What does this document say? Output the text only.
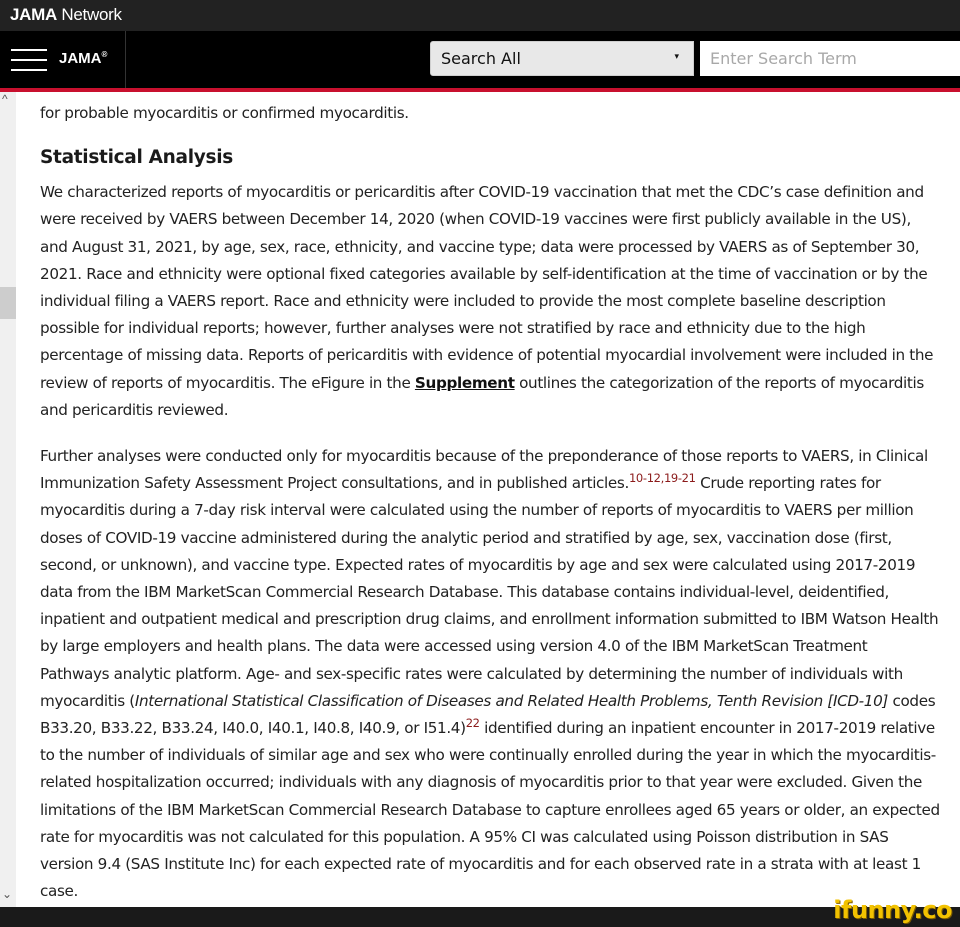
JAMA Network
JAMA®	Search All	▾
Enter Search Term
^
⌄

for probable myocarditis or confirmed myocarditis.

Statistical Analysis

We characterized reports of myocarditis or pericarditis after COVID-19 vaccination that met the CDC’s case definition and were received by VAERS between December 14, 2020 (when COVID-19 vaccines were first publicly available in the US), and August 31, 2021, by age, sex, race, ethnicity, and vaccine type; data were processed by VAERS as of September 30, 2021. Race and ethnicity were optional fixed categories available by self-identification at the time of vaccination or by the individual filing a VAERS report. Race and ethnicity were included to provide the most complete baseline description possible for individual reports; however, further analyses were not stratified by race and ethnicity due to the high percentage of missing data. Reports of pericarditis with evidence of potential myocardial involvement were included in the review of reports of myocarditis. The eFigure in the Supplement outlines the categorization of the reports of myocarditis and pericarditis reviewed.

Further analyses were conducted only for myocarditis because of the preponderance of those reports to VAERS, in Clinical Immunization Safety Assessment Project consultations, and in published articles.$^{10-12,19-21}$ Crude reporting rates for myocarditis during a 7-day risk interval were calculated using the number of reports of myocarditis to VAERS per million doses of COVID-19 vaccine administered during the analytic period and stratified by age, sex, vaccination dose (first, second, or unknown), and vaccine type. Expected rates of myocarditis by age and sex were calculated using 2017-2019 data from the IBM MarketScan Commercial Research Database. This database contains individual-level, deidentified, inpatient and outpatient medical and prescription drug claims, and enrollment information submitted to IBM Watson Health by large employers and health plans. The data were accessed using version 4.0 of the IBM MarketScan Treatment Pathways analytic platform. Age- and sex-specific rates were calculated by determining the number of individuals with myocarditis (International Statistical Classification of Diseases and Related Health Problems, Tenth Revision [ICD-10] codes B33.20, B33.22, B33.24, I40.0, I40.1, I40.8, I40.9, or I51.4)$^{22}$ identified during an inpatient encounter in 2017-2019 relative to the number of individuals of similar age and sex who were continually enrolled during the year in which the myocarditis-related hospitalization occurred; individuals with any diagnosis of myocarditis prior to that year were excluded. Given the limitations of the IBM MarketScan Commercial Research Database to capture enrollees aged 65 years or older, an expected rate for myocarditis was not calculated for this population. A 95% CI was calculated using Poisson distribution in SAS version 9.4 (SAS Institute Inc) for each expected rate of myocarditis and for each observed rate in a strata with at least 1 case.

ifunny.co
